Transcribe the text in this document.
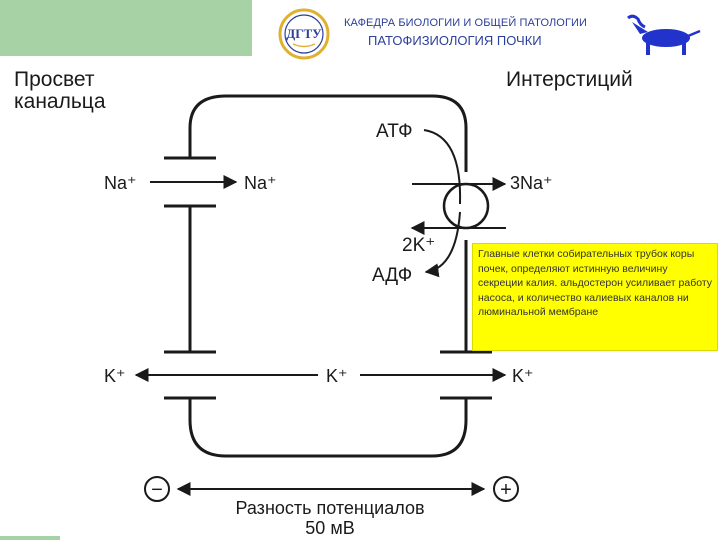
ДГТУ
КАФЕДРА БИОЛОГИИ И ОБЩЕЙ ПАТОЛОГИИ
ПАТОФИЗИОЛОГИЯ ПОЧКИ
Просвет
канальца
Интерстиций
АТФ
Na⁺	Na⁺	3Na⁺
2K⁺
АДФ
K⁺	K⁺	K⁺
−	+
Разность потенциалов
50 мВ
Главные клетки собирательных трубок коры почек, определяют истинную величину секреции калия. альдостерон усиливает работу насоса, и количество калиевых каналов ни люминальной мембране
